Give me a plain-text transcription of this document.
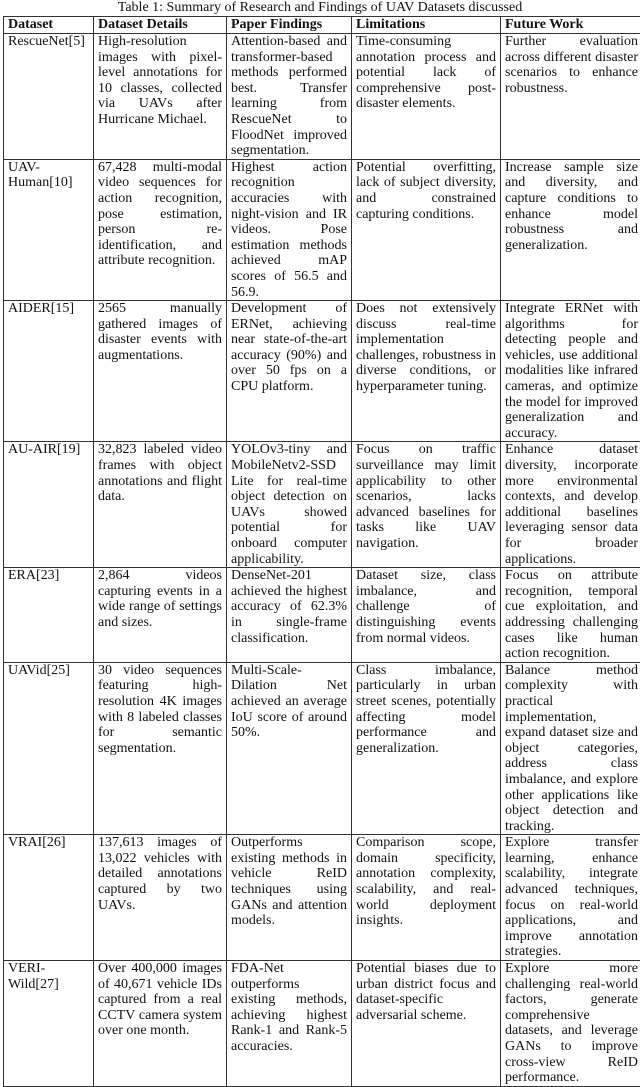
Table 1: Summary of Research and Findings of UAV Datasets discussed
Dataset	Dataset Details	Paper Findings	Limitations	Future Work
RescueNet[5]	High-resolution images with pixel-level annotations for 10 classes, collected via UAVs after Hurricane Michael.	Attention-based and transformer-based methods performed best. Transfer learning from RescueNet to FloodNet improved segmentation.	Time-consuming annotation process and potential lack of comprehensive post-disaster elements.	Further evaluation across different disaster scenarios to enhance robustness.
UAV-Human[10]	67,428 multi-modal video sequences for action recognition, pose estimation, person re-identification, and attribute recognition.	Highest action recognition accuracies with night-vision and IR videos. Pose estimation methods achieved mAP scores of 56.5 and 56.9.	Potential overfitting, lack of subject diversity, and constrained capturing conditions.	Increase sample size and diversity, and capture conditions to enhance model robustness and generalization.
AIDER[15]	2565 manually gathered images of disaster events with augmentations.	Development of ERNet, achieving near state-of-the-art accuracy (90%) and over 50 fps on a CPU platform.	Does not extensively discuss real-time implementation challenges, robustness in diverse conditions, or hyperparameter tuning.	Integrate ERNet with algorithms for detecting people and vehicles, use additional modalities like infrared cameras, and optimize the model for improved generalization and accuracy.
AU-AIR[19]	32,823 labeled video frames with object annotations and flight data.	YOLOv3-tiny and MobileNetv2-SSD Lite for real-time object detection on UAVs showed potential for onboard computer applicability.	Focus on traffic surveillance may limit applicability to other scenarios, lacks advanced baselines for tasks like UAV navigation.	Enhance dataset diversity, incorporate more environmental contexts, and develop additional baselines leveraging sensor data for broader applications.
ERA[23]	2,864 videos capturing events in a wide range of settings and sizes.	DenseNet-201 achieved the highest accuracy of 62.3% in single-frame classification.	Dataset size, class imbalance, and challenge of distinguishing events from normal videos.	Focus on attribute recognition, temporal cue exploitation, and addressing challenging cases like human action recognition.
UAVid[25]	30 video sequences featuring high-resolution 4K images with 8 labeled classes for semantic segmentation.	Multi-Scale-Dilation Net achieved an average IoU score of around 50%.	Class imbalance, particularly in urban street scenes, potentially affecting model performance and generalization.	Balance method complexity with practical implementation, expand dataset size and object categories, address class imbalance, and explore other applications like object detection and tracking.
VRAI[26]	137,613 images of 13,022 vehicles with detailed annotations captured by two UAVs.	Outperforms existing methods in vehicle ReID techniques using GANs and attention models.	Comparison scope, domain specificity, annotation complexity, scalability, and real-world deployment insights.	Explore transfer learning, enhance scalability, integrate advanced techniques, focus on real-world applications, and improve annotation strategies.
VERI-Wild[27]	Over 400,000 images of 40,671 vehicle IDs captured from a real CCTV camera system over one month.	FDA-Net outperforms existing methods, achieving highest Rank-1 and Rank-5 accuracies.	Potential biases due to urban district focus and dataset-specific adversarial scheme.	Explore more challenging real-world factors, generate comprehensive datasets, and leverage GANs to improve cross-view ReID performance.
